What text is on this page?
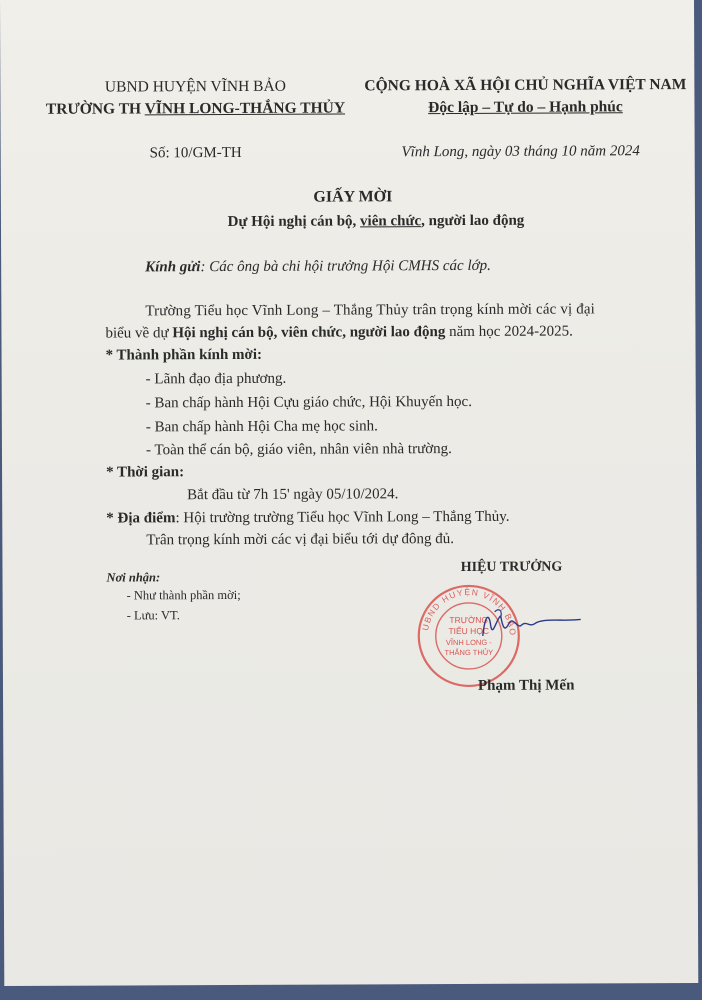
UBND HUYỆN VĨNH BẢO
TRƯỜNG TH VĨNH LONG-THẮNG THỦY
CỘNG HOÀ XÃ HỘI CHỦ NGHĨA VIỆT NAM
Độc lập – Tự do – Hạnh phúc
Số: 10/GM-TH	Vĩnh Long, ngày 03 tháng 10 năm 2024
GIẤY MỜI
Dự Hội nghị cán bộ, viên chức, người lao động
Kính gửi: Các ông bà chi hội trưởng Hội CMHS các lớp.
Trường Tiểu học Vĩnh Long – Thắng Thủy trân trọng kính mời các vị đại
biểu về dự Hội nghị cán bộ, viên chức, người lao động năm học 2024-2025.
* Thành phần kính mời:
- Lãnh đạo địa phương.
- Ban chấp hành Hội Cựu giáo chức, Hội Khuyến học.
- Ban chấp hành Hội Cha mẹ học sinh.
- Toàn thể cán bộ, giáo viên, nhân viên nhà trường.
* Thời gian:
Bắt đầu từ 7h 15' ngày 05/10/2024.
* Địa điểm: Hội trường trường Tiểu học Vĩnh Long – Thắng Thủy.
Trân trọng kính mời các vị đại biểu tới dự đông đủ.
Nơi nhận:
- Như thành phần mời;
- Lưu: VT.
HIỆU TRƯỞNG
UBND HUYỆN VĨNH BẢO
TRƯỜNG
TIỂU HỌC
VĨNH LONG -
THẮNG THỦY
Phạm Thị Mến
